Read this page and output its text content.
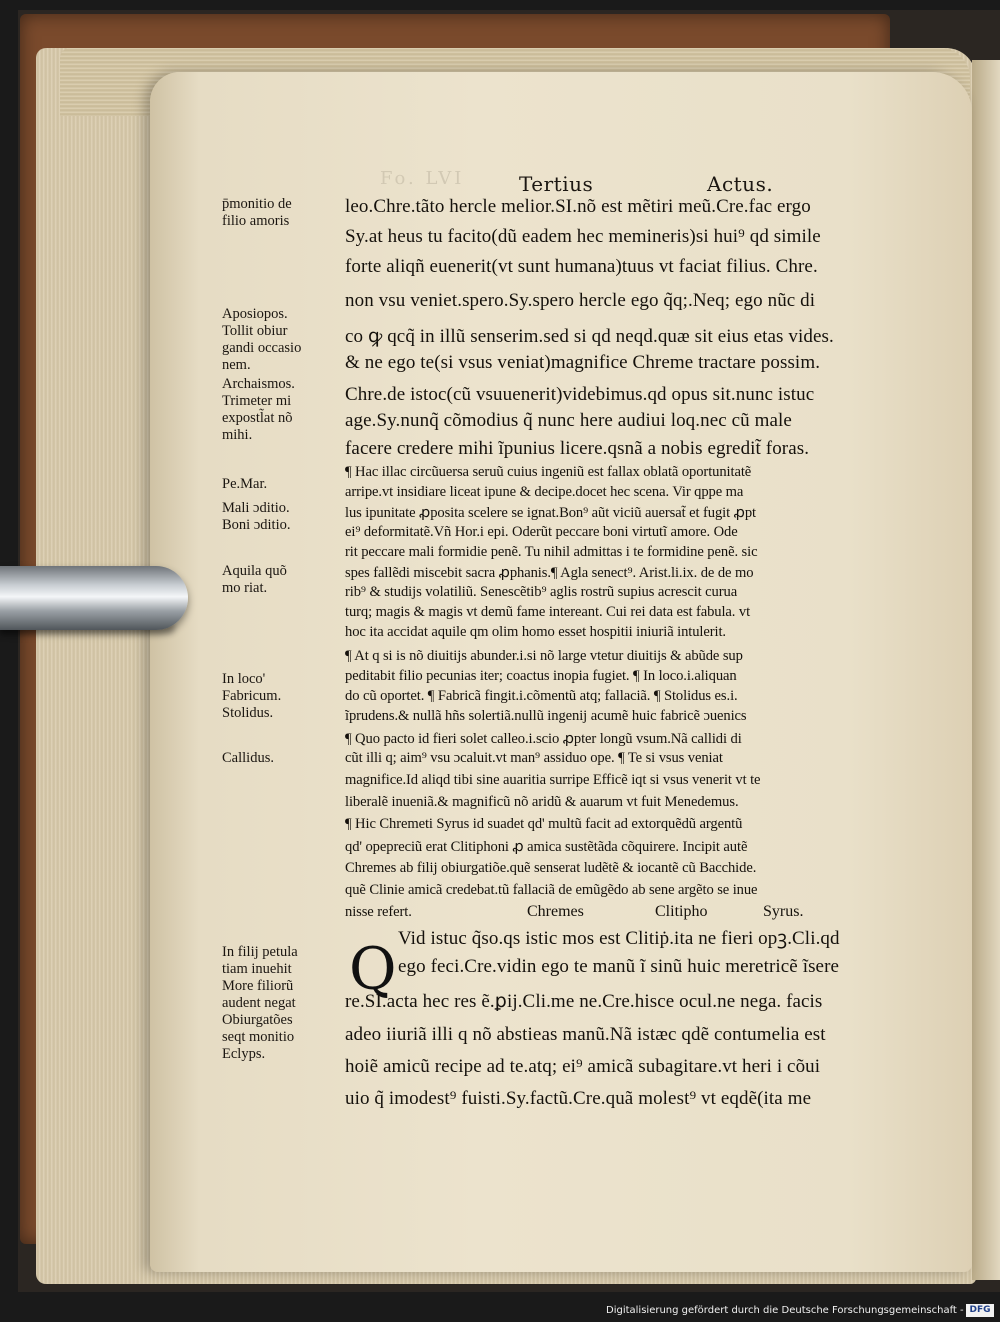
Fo. LVI	Tertius	Actus.
p̄monitio de
filio amoris
Aposiopos.
Tollit obiur
gandi occasio
nem.
Archaismos.
Trimeter mi
expostl̃at nõ
mihi.
Pe.Mar.
Mali ɔditio.
Boni ɔditio.
Aquila quõ
mo riat.
In loco'
Fabricum.
Stolidus.
Callidus.
In filij petula
tiam inuehit
More filiorũ
audent negat
Obiurgatões
seqt monitio
Eclyps.
leo.Chre.tãto hercle melior.SI.nõ est mẽtiri meũ.Cre.fac ergo
Sy.at heus tu facito(dũ eadem hec memineris)si hui⁹ qd simile
forte aliqñ euenerit(vt sunt humana)tuus vt faciat filius. Chre.
non vsu veniet.spero.Sy.spero hercle ego q̃q;.Neq; ego nũc di
co ꝙ qcq̃ in illũ senserim.sed si qd neqd.quæ sit eius etas vides.
& ne ego te(si vsus veniat)magnifice Chreme tractare possim.
Chre.de istoc(cũ vsuuenerit)videbimus.qd opus sit.nunc istuc
age.Sy.nunq̃ cõmodius q̃ nunc here audiui loq.nec cũ male
facere credere mihi ĩpunius licere.qsnã a nobis egredit̃ foras.
¶ Hac illac circũuersa seruũ cuius ingeniũ est fallax oblatã oportunitatẽ
arripe.vt insidiare liceat ipune & decipe.docet hec scena. Vir qppe ma
lus ipunitate ꝓposita scelere se ignat.Bon⁹ aũt viciũ auersat̃ et fugit ꝓpt
ei⁹ deformitatẽ.Vñ Hor.i epi. Oderũt peccare boni virtutĩ amore. Ode
rit peccare mali formidie penẽ. Tu nihil admittas i te formidine penẽ. sic
spes fallẽdi miscebit sacra ꝓphanis.¶ Agla senect⁹. Arist.li.ix. de de mo
rib⁹ & studijs volatiliũ. Senescẽtib⁹ aglis rostrũ supius acrescit curua
turq; magis & magis vt demũ fame intereant. Cui rei data est fabula. vt
hoc ita accidat aquile qm olim homo esset hospitii iniuriã intulerit.
¶ At q si is nõ diuitijs abunder.i.si nõ large vtetur diuitijs & abũde sup
peditabit filio pecunias iter; coactus inopia fugiet. ¶ In loco.i.aliquan
do cũ oportet. ¶ Fabricã fingit.i.cõmentũ atq; fallaciã. ¶ Stolidus es.i.
ĩprudens.& nullã hñs solertiã.nullũ ingenij acumẽ huic fabricẽ ɔuenics
¶ Quo pacto id fieri solet calleo.i.scio ꝓpter longũ vsum.Nã callidi di
cũt illi q; aim⁹ vsu ɔcaluit.vt man⁹ assiduo ope. ¶ Te si vsus veniat
magnifice.Id aliqd tibi sine auaritia surripe Efficẽ iqt si vsus venerit vt te
liberalẽ inueniã.& magnificũ nõ aridũ & auarum vt fuit Menedemus.
¶ Hic Chremeti Syrus id suadet qd' multũ facit ad extorquẽdũ argentũ
qd' opepreciũ erat Clitiphoni ꝓ amica sustẽtãda cõquirere. Incipit autẽ
Chremes ab filij obiurgatiõe.quẽ senserat ludẽtẽ & iocantẽ cũ Bacchide.
quẽ Clinie amicã credebat.tũ fallaciã de emũgẽdo ab sene argẽto se inue
nisse refert.	Chremes	Clitipho	Syrus.
Q Vid istuc q̃so.qs istic mos est Clitiṗ.ita ne fieri opꝫ.Cli.qd
ego feci.Cre.vidin ego te manũ ĩ sinũ huic meretricẽ ĩsere
re.SI.acta hec res ẽ.ꝑij.Cli.me ne.Cre.hisce ocul.ne nega. facis
adeo iiuriã illi q nõ abstieas manũ.Nã istæc qdẽ contumelia est
hoiẽ amicũ recipe ad te.atq; ei⁹ amicã subagitare.vt heri i cõui
uio q̃ imodest⁹ fuisti.Sy.factũ.Cre.quã molest⁹ vt eqdẽ(ita me
Digitalisierung gefördert durch die Deutsche Forschungsgemeinschaft - DFG
